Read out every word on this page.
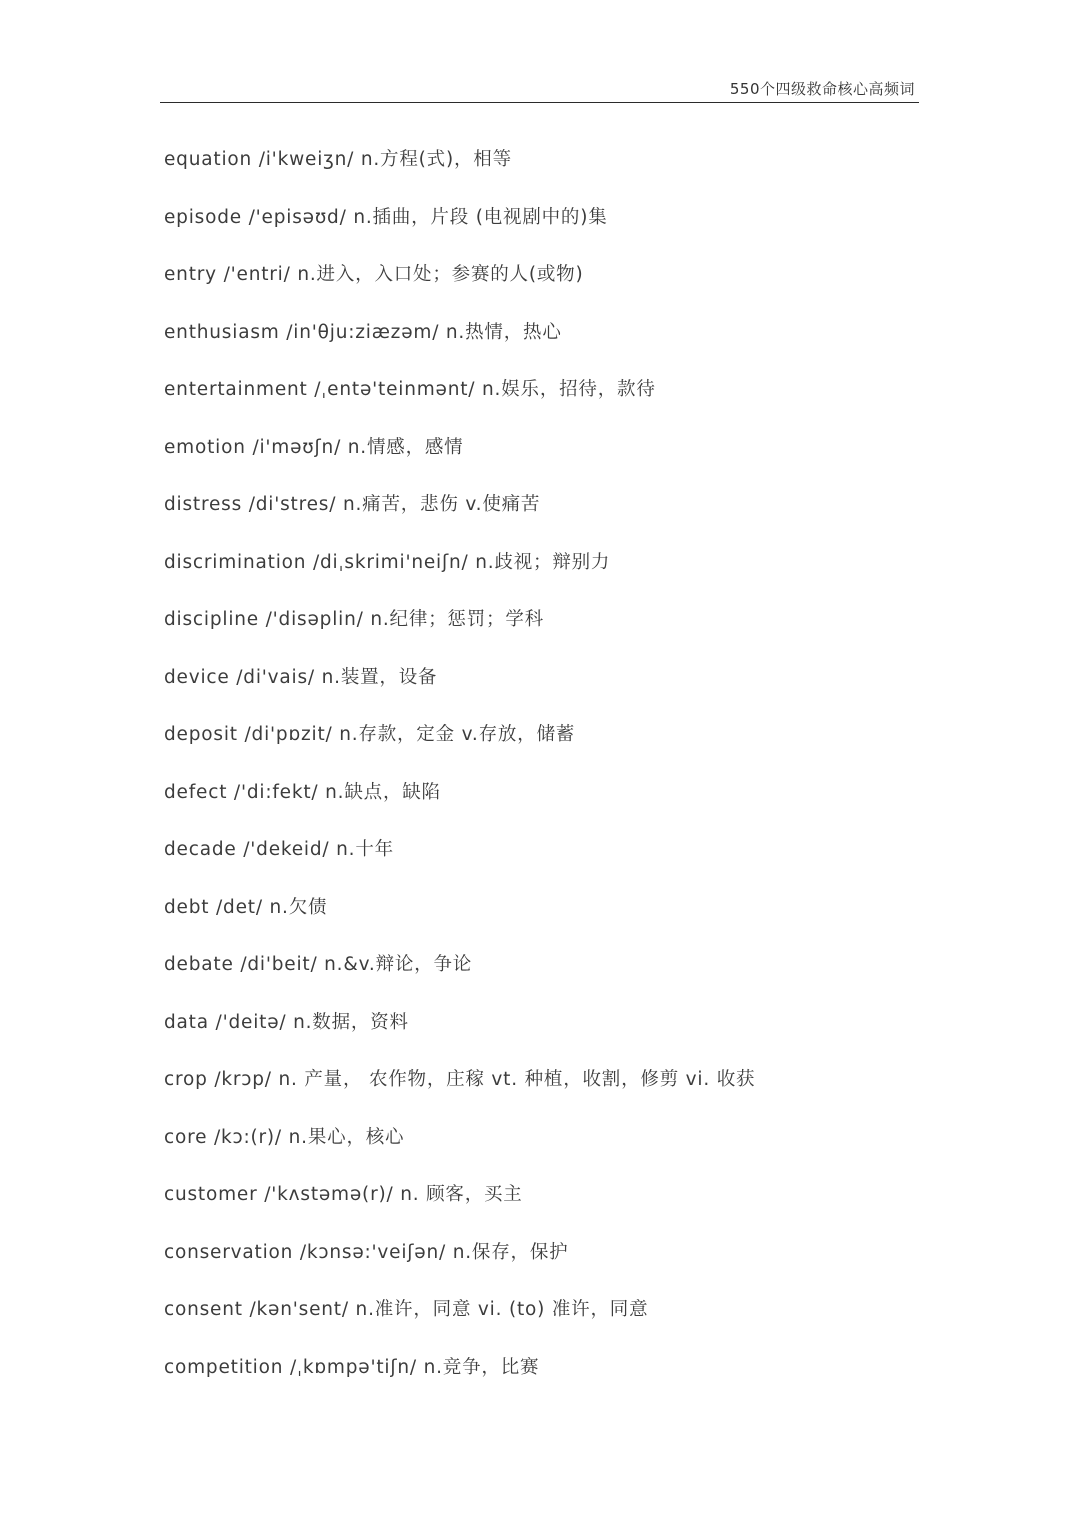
550个四级救命核心高频词
equation /i'kweiʒn/ n.方程(式)，相等
episode /'episəʊd/ n.插曲，片段 (电视剧中的)集
entry /'entri/ n.进入，入口处；参赛的人(或物)
enthusiasm /in'θju:ziæzəm/ n.热情，热心
entertainment /ˌentə'teinmənt/ n.娱乐，招待，款待
emotion /i'məʊʃn/ n.情感，感情
distress /di'stres/ n.痛苦，悲伤 v.使痛苦
discrimination /diˌskrimi'neiʃn/ n.歧视；辩别力
discipline /'disəplin/ n.纪律；惩罚；学科
device /di'vais/ n.装置，设备
deposit /di'pɒzit/ n.存款，定金 v.存放，储蓄
defect /'di:fekt/ n.缺点，缺陷
decade /'dekeid/ n.十年
debt /det/ n.欠债
debate /di'beit/ n.&v.辩论，争论
data /'deitə/ n.数据，资料
crop /krɔp/ n. 产量， 农作物，庄稼 vt. 种植，收割，修剪 vi. 收获
core /kɔ:(r)/ n.果心，核心
customer /'kʌstəmə(r)/ n. 顾客，买主
conservation /kɔnsə:'veiʃən/ n.保存，保护
consent /kən'sent/ n.准许，同意 vi. (to) 准许，同意
competition /ˌkɒmpə'tiʃn/ n.竞争，比赛
